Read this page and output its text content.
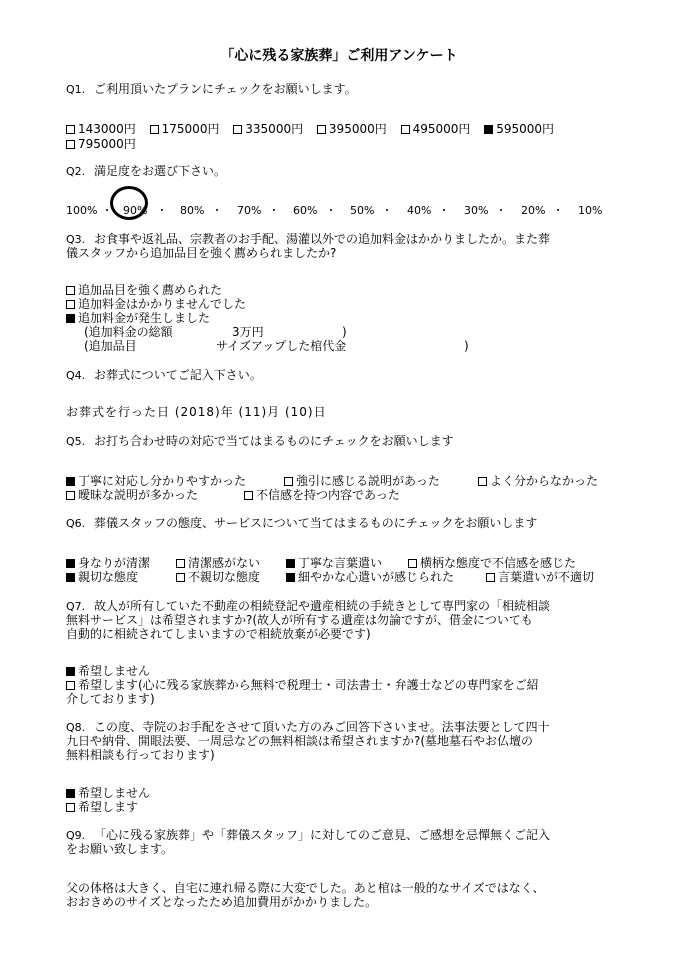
「心に残る家族葬」ご利用アンケート
Q1. ご利用頂いたプランにチェックをお願いします。
143000円 175000円 335000円 395000円 495000円 595000円
795000円
Q2. 満足度をお選び下さい。
100% ・ 90% ・ 80% ・ 70% ・ 60% ・ 50% ・ 40% ・ 30% ・ 20% ・ 10%
Q3. お食事や返礼品、宗教者のお手配、湯灌以外での追加料金はかかりましたか。また葬
儀スタッフから追加品目を強く薦められましたか?
追加品目を強く薦められた
追加料金はかかりませんでした
追加料金が発生しました
(追加料金の総額	3万円	)
(追加品目	サイズアップした棺代金	)
Q4. お葬式についてご記入下さい。
お葬式を行った日 (2018)年 (11)月 (10)日
Q5. お打ち合わせ時の対応で当てはまるものにチェックをお願いします
丁寧に対応し分かりやすかった	強引に感じる説明があった	よく分からなかった
曖昧な説明が多かった	不信感を持つ内容であった
Q6. 葬儀スタッフの態度、サービスについて当てはまるものにチェックをお願いします
身なりが清潔	清潔感がない	丁寧な言葉遣い	横柄な態度で不信感を感じた
親切な態度	不親切な態度	細やかな心遣いが感じられた	言葉遣いが不適切
Q7. 故人が所有していた不動産の相続登記や遺産相続の手続きとして専門家の「相続相談
無料サービス」は希望されますか?(故人が所有する遺産は勿論ですが、借金についても
自動的に相続されてしまいますので相続放棄が必要です)
希望しません
希望します(心に残る家族葬から無料で税理士・司法書士・弁護士などの専門家をご紹
介しております)
Q8. この度、寺院のお手配をさせて頂いた方のみご回答下さいませ。法事法要として四十
九日や納骨、開眼法要、一周忌などの無料相談は希望されますか?(墓地墓石やお仏壇の
無料相談も行っております)
希望しません
希望します
Q9. 「心に残る家族葬」や「葬儀スタッフ」に対してのご意見、ご感想を忌憚無くご記入
をお願い致します。
父の体格は大きく、自宅に連れ帰る際に大変でした。あと棺は一般的なサイズではなく、
おおきめのサイズとなったため追加費用がかかりました。
